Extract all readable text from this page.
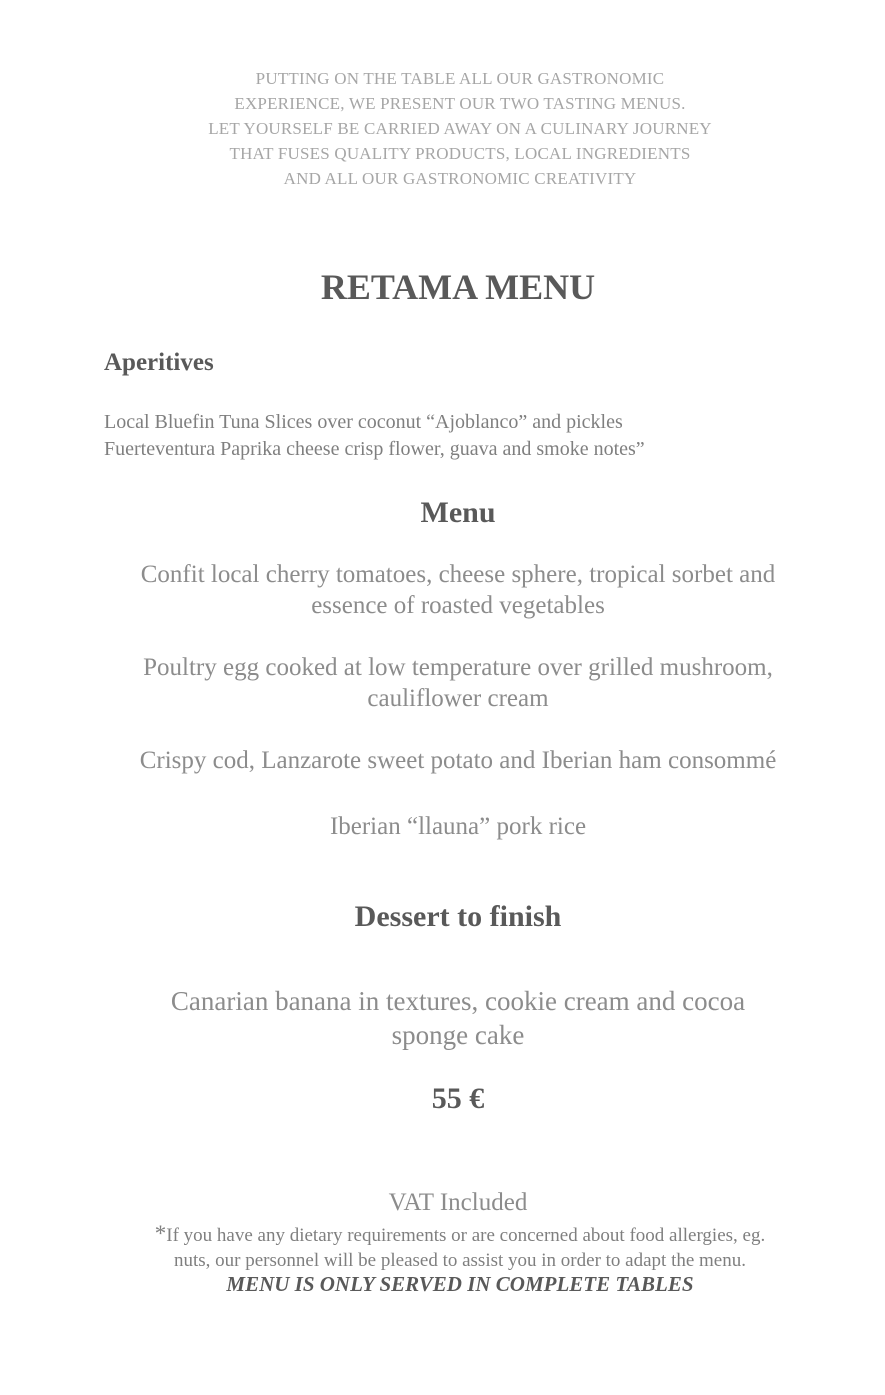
PUTTING ON THE TABLE ALL OUR GASTRONOMIC
EXPERIENCE, WE PRESENT OUR TWO TASTING MENUS.
LET YOURSELF BE CARRIED AWAY ON A CULINARY JOURNEY
THAT FUSES QUALITY PRODUCTS, LOCAL INGREDIENTS
AND ALL OUR GASTRONOMIC CREATIVITY
RETAMA MENU
Aperitives
Local Bluefin Tuna Slices over coconut “Ajoblanco” and pickles
Fuerteventura Paprika cheese crisp flower, guava and smoke notes”
Menu
Confit local cherry tomatoes, cheese sphere, tropical sorbet and
essence of roasted vegetables
Poultry egg cooked at low temperature over grilled mushroom,
cauliflower cream
Crispy cod, Lanzarote sweet potato and Iberian ham consommé
Iberian “llauna” pork rice
Dessert to finish
Canarian banana in textures, cookie cream and cocoa
sponge cake
55 €
VAT Included
*If you have any dietary requirements or are concerned about food allergies, eg.
nuts, our personnel will be pleased to assist you in order to adapt the menu.
MENU IS ONLY SERVED IN COMPLETE TABLES
